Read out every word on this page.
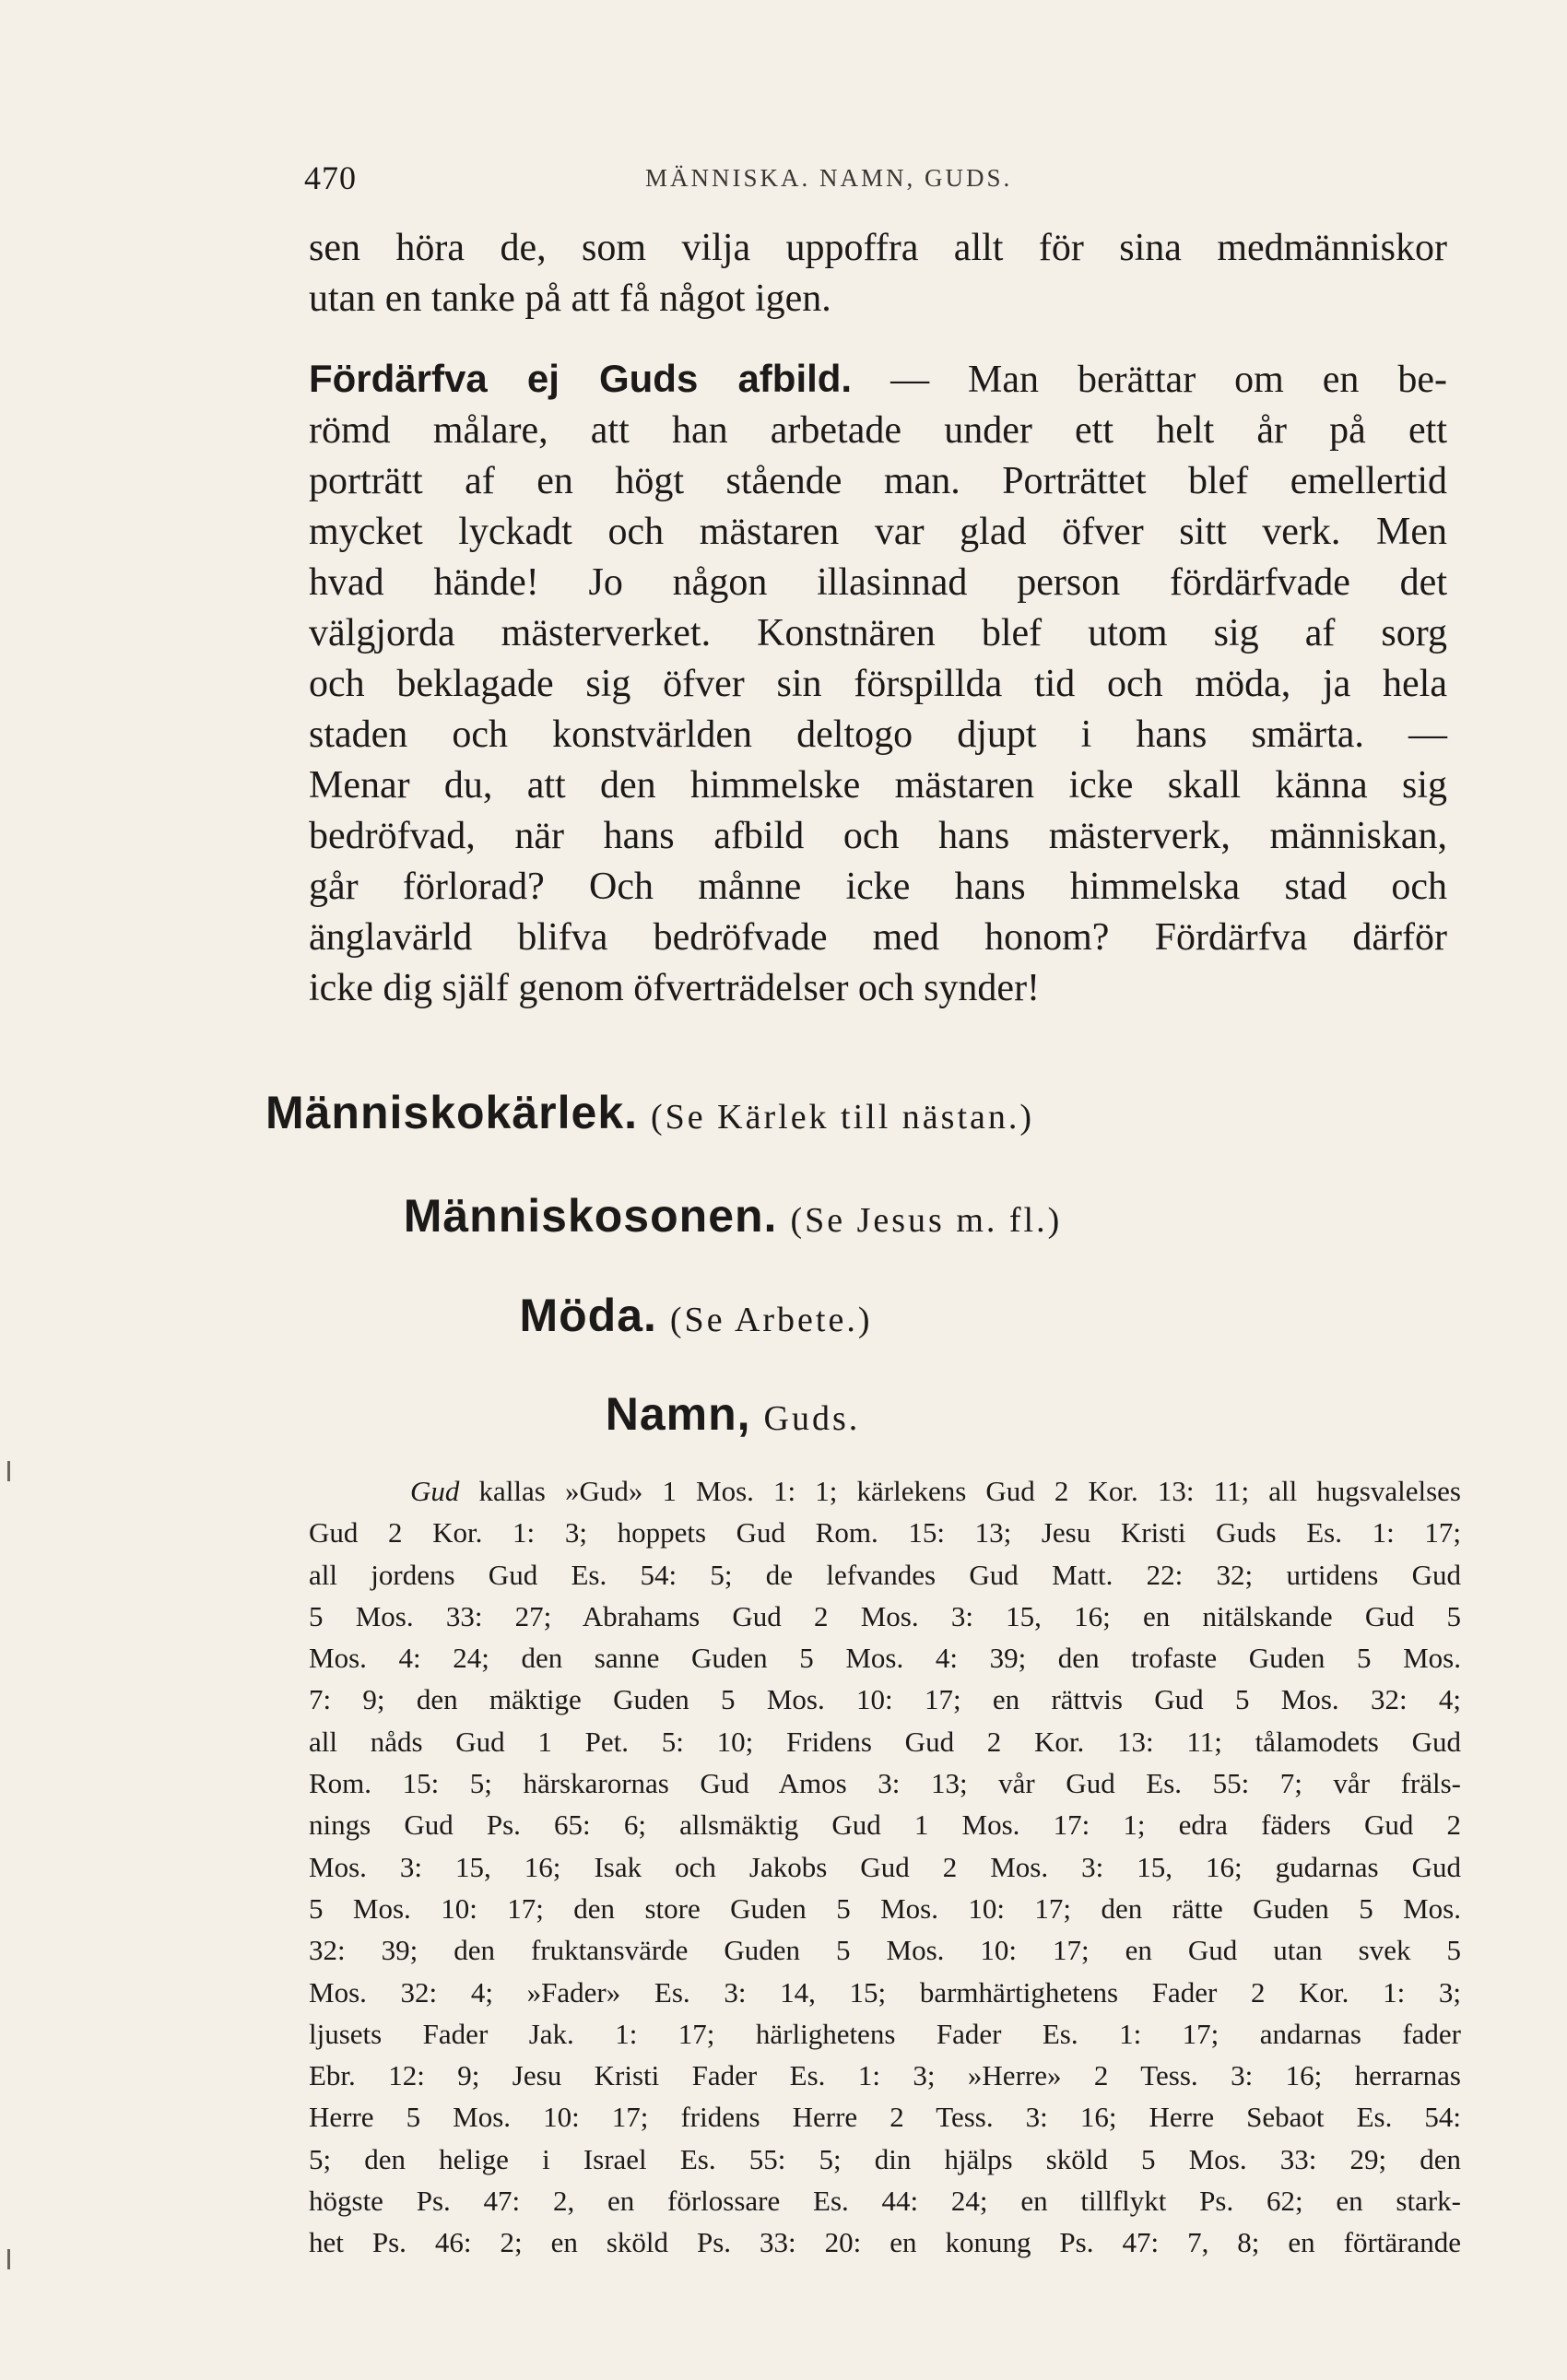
470	MÄNNISKA. NAMN, GUDS.
sen höra de, som vilja uppoffra allt för sina medmänniskor
utan en tanke på att få något igen.
Fördärfva ej Guds afbild. — Man berättar om en be-
römd målare, att han arbetade under ett helt år på ett
porträtt af en högt stående man. Porträttet blef emellertid
mycket lyckadt och mästaren var glad öfver sitt verk. Men
hvad hände! Jo någon illasinnad person fördärfvade det
välgjorda mästerverket. Konstnären blef utom sig af sorg
och beklagade sig öfver sin förspillda tid och möda, ja hela
staden och konstvärlden deltogo djupt i hans smärta. —
Menar du, att den himmelske mästaren icke skall känna sig
bedröfvad, när hans afbild och hans mästerverk, människan,
går förlorad? Och månne icke hans himmelska stad och
änglavärld blifva bedröfvade med honom? Fördärfva därför
icke dig själf genom öfverträdelser och synder!
Människokärlek. (Se Kärlek till nästan.)
Människosonen. (Se Jesus m. fl.)
Möda. (Se Arbete.)
Namn, Guds.
Gud kallas »Gud» 1 Mos. 1: 1; kärlekens Gud 2 Kor. 13: 11; all hugsvalelses
Gud 2 Kor. 1: 3; hoppets Gud Rom. 15: 13; Jesu Kristi Guds Es. 1: 17;
all jordens Gud Es. 54: 5; de lefvandes Gud Matt. 22: 32; urtidens Gud
5 Mos. 33: 27; Abrahams Gud 2 Mos. 3: 15, 16; en nitälskande Gud 5
Mos. 4: 24; den sanne Guden 5 Mos. 4: 39; den trofaste Guden 5 Mos.
7: 9; den mäktige Guden 5 Mos. 10: 17; en rättvis Gud 5 Mos. 32: 4;
all nåds Gud 1 Pet. 5: 10; Fridens Gud 2 Kor. 13: 11; tålamodets Gud
Rom. 15: 5; härskarornas Gud Amos 3: 13; vår Gud Es. 55: 7; vår fräls-
nings Gud Ps. 65: 6; allsmäktig Gud 1 Mos. 17: 1; edra fäders Gud 2
Mos. 3: 15, 16; Isak och Jakobs Gud 2 Mos. 3: 15, 16; gudarnas Gud
5 Mos. 10: 17; den store Guden 5 Mos. 10: 17; den rätte Guden 5 Mos.
32: 39; den fruktansvärde Guden 5 Mos. 10: 17; en Gud utan svek 5
Mos. 32: 4; »Fader» Es. 3: 14, 15; barmhärtighetens Fader 2 Kor. 1: 3;
ljusets Fader Jak. 1: 17; härlighetens Fader Es. 1: 17; andarnas fader
Ebr. 12: 9; Jesu Kristi Fader Es. 1: 3; »Herre» 2 Tess. 3: 16; herrarnas
Herre 5 Mos. 10: 17; fridens Herre 2 Tess. 3: 16; Herre Sebaot Es. 54:
5; den helige i Israel Es. 55: 5; din hjälps sköld 5 Mos. 33: 29; den
högste Ps. 47: 2, en förlossare Es. 44: 24; en tillflykt Ps. 62; en stark-
het Ps. 46: 2; en sköld Ps. 33: 20: en konung Ps. 47: 7, 8; en förtärande
